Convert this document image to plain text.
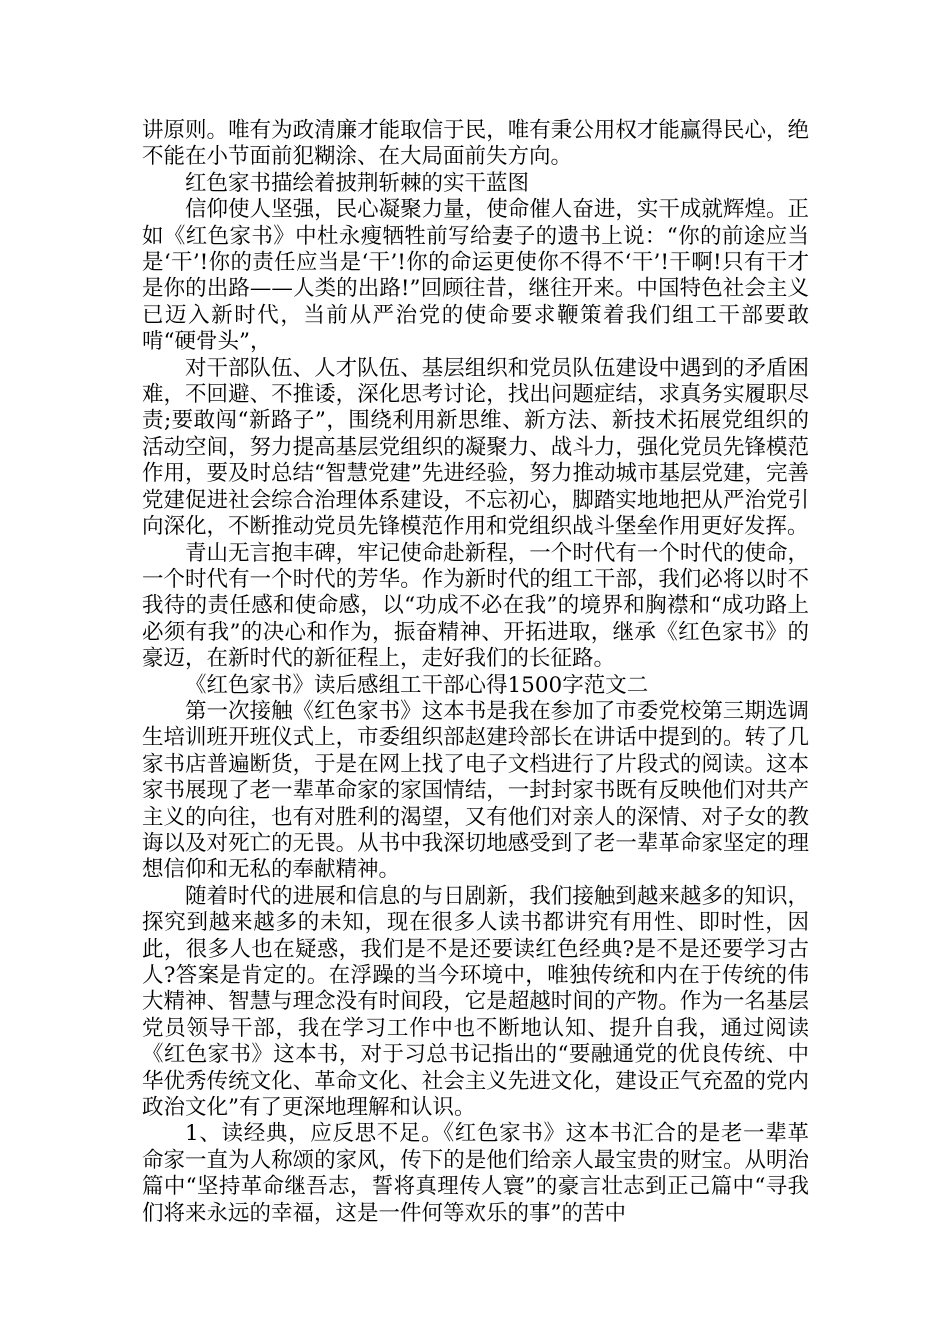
讲原则。唯有为政清廉才能取信于民，唯有秉公用权才能赢得民心，绝不能在小节面前犯糊涂、在大局面前失方向。

红色家书描绘着披荆斩棘的实干蓝图

信仰使人坚强，民心凝聚力量，使命催人奋进，实干成就辉煌。正如《红色家书》中杜永瘦牺牲前写给妻子的遗书上说：“你的前途应当是‘干’!你的责任应当是‘干’!你的命运更使你不得不‘干’!干啊!只有干才是你的出路——人类的出路!”回顾往昔，继往开来。中国特色社会主义已迈入新时代，当前从严治党的使命要求鞭策着我们组工干部要敢啃“硬骨头”，

对干部队伍、人才队伍、基层组织和党员队伍建设中遇到的矛盾困难，不回避、不推诿，深化思考讨论，找出问题症结，求真务实履职尽责;要敢闯“新路子”，围绕利用新思维、新方法、新技术拓展党组织的活动空间，努力提高基层党组织的凝聚力、战斗力，强化党员先锋模范作用，要及时总结“智慧党建”先进经验，努力推动城市基层党建，完善党建促进社会综合治理体系建设，不忘初心，脚踏实地地把从严治党引向深化，不断推动党员先锋模范作用和党组织战斗堡垒作用更好发挥。

青山无言抱丰碑，牢记使命赴新程，一个时代有一个时代的使命，一个时代有一个时代的芳华。作为新时代的组工干部，我们必将以时不我待的责任感和使命感，以“功成不必在我”的境界和胸襟和“成功路上必须有我”的决心和作为，振奋精神、开拓进取，继承《红色家书》的豪迈，在新时代的新征程上，走好我们的长征路。

《红色家书》读后感组工干部心得1500字范文二

第一次接触《红色家书》这本书是我在参加了市委党校第三期选调生培训班开班仪式上，市委组织部赵建玲部长在讲话中提到的。转了几家书店普遍断货，于是在网上找了电子文档进行了片段式的阅读。这本家书展现了老一辈革命家的家国情结，一封封家书既有反映他们对共产主义的向往，也有对胜利的渴望，又有他们对亲人的深情、对子女的教诲以及对死亡的无畏。从书中我深切地感受到了老一辈革命家坚定的理想信仰和无私的奉献精神。

随着时代的进展和信息的与日剧新，我们接触到越来越多的知识，探究到越来越多的未知，现在很多人读书都讲究有用性、即时性，因此，很多人也在疑惑，我们是不是还要读红色经典?是不是还要学习古人?答案是肯定的。在浮躁的当今环境中，唯独传统和内在于传统的伟大精神、智慧与理念没有时间段，它是超越时间的产物。作为一名基层党员领导干部，我在学习工作中也不断地认知、提升自我，通过阅读《红色家书》这本书，对于习总书记指出的“要融通党的优良传统、中华优秀传统文化、革命文化、社会主义先进文化，建设正气充盈的党内政治文化”有了更深地理解和认识。

1、读经典，应反思不足。《红色家书》这本书汇合的是老一辈革命家一直为人称颂的家风，传下的是他们给亲人最宝贵的财宝。从明治篇中“坚持革命继吾志，誓将真理传人寰”的豪言壮志到正己篇中“寻我们将来永远的幸福，这是一件何等欢乐的事”的苦中
